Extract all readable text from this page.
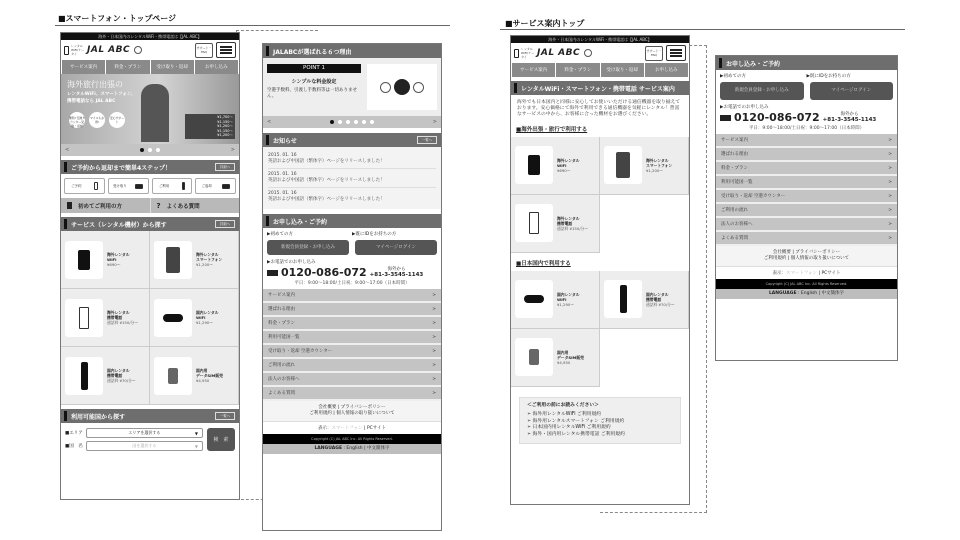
■スマートフォン・トップページ
■サービス案内トップ
海外・日本国内のレンタルWiFi・携帯電話は【JAL ABC】
レンタル WiFi/ケータイ	JAL ABC	サポート・FAQ
サービス案内	料金・プラン	受け取り・返却	お申し込み
海外旅行出張の
レンタルWiFi、スマートフォン、
携帯電話なら JAL ABC
便利! 空港カウンター受取・返却
マイルもお得!
安心サポート
¥1,700〜
¥1,150〜
¥1,200〜
¥1,150〜
¥1,200〜
<	>
ご予約から返却まで簡単4ステップ！	詳細へ
ご予約	受け取り	ご利用	ご返却
初めてご利用の方	? よくある質問
サービス（レンタル機材）から探す	詳細へ
海外レンタル
WiFi
¥690〜
海外レンタル
スマートフォン
¥1,200〜
海外レンタル
携帯電話
通話料 ¥150/分〜
国内レンタル
WiFi
¥1,290〜
国内レンタル
携帯電話
通話料 ¥70/分〜
国内用
データSIM販売
¥4,950
利用可能国から探す	一覧へ
■エリア	エリアを選択する ▼
■国　名	国を選択する ▼
検　索
JALABCが選ばれる６つ理由
POINT 1
シンプルな料金設定
空港手数料、引渡し手数料等は一切ありません。
<	>
お知らせ	一覧へ
2015. 01. 16
英語および中国語（繁体字）ページをリリースしました！
2015. 01. 16
英語および中国語（繁体字）ページをリリースしました！
2015. 01. 16
英語および中国語（繁体字）ページをリリースしました！
お申し込み・ご予約
▶初めての方	▶既にIDをお持ちの方
新規会員登録・お申し込み	マイページログイン
▶お電話でのお申し込み
0120-086-072	海外から
+81-3-3545-1143
平日：9:00〜18:00/土日祝：9:00〜17:00（日本時間）
サービス案内	>
選ばれる理由	>
料金・プラン	>
利用可能国一覧	>
受け取り・返却 空港カウンター	>
ご利用の流れ	>
法人のお客様へ	>
よくある質問	>
会社概要 | プライバシーポリシー
ご利用規約 | 個人情報の取り扱いについて
表示：スマートフォン | PCサイト
Copyright (C) JAL ABC Inc. All Rights Reserved.
LANGUAGE : English | 中文簡体字
海外・日本国内のレンタルWiFi・携帯電話は【JAL ABC】
レンタル WiFi/ケータイ	JAL ABC	サポート・FAQ
サービス案内	料金・プラン	受け取り・返却	お申し込み
レンタルWiFi・スマートフォン・携帯電話 サービス案内
海外でも日本国内と同様に安心してお使いいただける通信機器を取り揃えております。安心価格にて海外で利用できる通信機器を気軽にレンタル！豊富なサービスの中から、お客様に合った機材をお選びください。
■海外出張・旅行で利用する
海外レンタル
WiFi
¥690〜
海外レンタル
スマートフォン
¥1,200〜
海外レンタル
携帯電話
通話料 ¥150/分〜
■日本国内で利用する
国内レンタル
WiFi
¥1,290〜
国内レンタル
携帯電話
通話料 ¥70/分〜
国内用
データSIM販売
¥4,950
＜ご利用の前にお読みください＞
➢ 海外用レンタルWiFi ご利用規約
➢ 海外用レンタルスマートフォン ご利用規約
➢ 日本国内用レンタルWiFi ご利用規約
➢ 海外・国内用レンタル携帯電話 ご利用規約
お申し込み・ご予約
▶初めての方	▶既にIDをお持ちの方
新規会員登録・お申し込み	マイページログイン
▶お電話でのお申し込み
0120-086-072	海外から
+81-3-3545-1143
平日：9:00〜18:00/土日祝：9:00〜17:00（日本時間）
サービス案内	>
選ばれる理由	>
料金・プラン	>
利用可能国一覧	>
受け取り・返却 空港カウンター	>
ご利用の流れ	>
法人のお客様へ	>
よくある質問	>
会社概要 | プライバシーポリシー
ご利用規約 | 個人情報の取り扱いについて
表示：スマートフォン | PCサイト
Copyright (C) JAL ABC Inc. All Rights Reserved.
LANGUAGE : English | 中文簡体字
